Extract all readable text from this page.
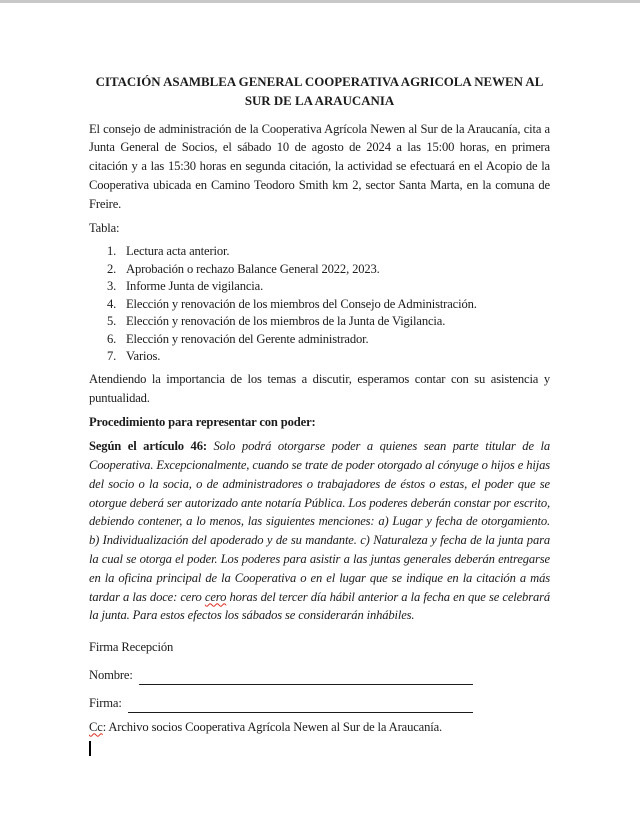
CITACIÓN ASAMBLEA GENERAL COOPERATIVA AGRICOLA NEWEN AL
SUR DE LA ARAUCANIA

El consejo de administración de la Cooperativa Agrícola Newen al Sur de la Araucanía, cita a Junta General de Socios, el sábado 10 de agosto de 2024 a las 15:00 horas, en primera citación y a las 15:30 horas en segunda citación, la actividad se efectuará en el Acopio de la Cooperativa ubicada en Camino Teodoro Smith km 2, sector Santa Marta, en la comuna de Freire.

Tabla:

1. Lectura acta anterior.
2. Aprobación o rechazo Balance General 2022, 2023.
3. Informe Junta de vigilancia.
4. Elección y renovación de los miembros del Consejo de Administración.
5. Elección y renovación de los miembros de la Junta de Vigilancia.
6. Elección y renovación del Gerente administrador.
7. Varios.

Atendiendo la importancia de los temas a discutir, esperamos contar con su asistencia y puntualidad.

Procedimiento para representar con poder:

Según el artículo 46: Solo podrá otorgarse poder a quienes sean parte titular de la Cooperativa. Excepcionalmente, cuando se trate de poder otorgado al cónyuge o hijos e hijas del socio o la socia, o de administradores o trabajadores de éstos o estas, el poder que se otorgue deberá ser autorizado ante notaría Pública. Los poderes deberán constar por escrito, debiendo contener, a lo menos, las siguientes menciones: a) Lugar y fecha de otorgamiento. b) Individualización del apoderado y de su mandante. c) Naturaleza y fecha de la junta para la cual se otorga el poder. Los poderes para asistir a las juntas generales deberán entregarse en la oficina principal de la Cooperativa o en el lugar que se indique en la citación a más tardar a las doce: cero cero horas del tercer día hábil anterior a la fecha en que se celebrará la junta. Para estos efectos los sábados se considerarán inhábiles.

Firma Recepción

Nombre:
Firma:

Cc: Archivo socios Cooperativa Agrícola Newen al Sur de la Araucanía.
